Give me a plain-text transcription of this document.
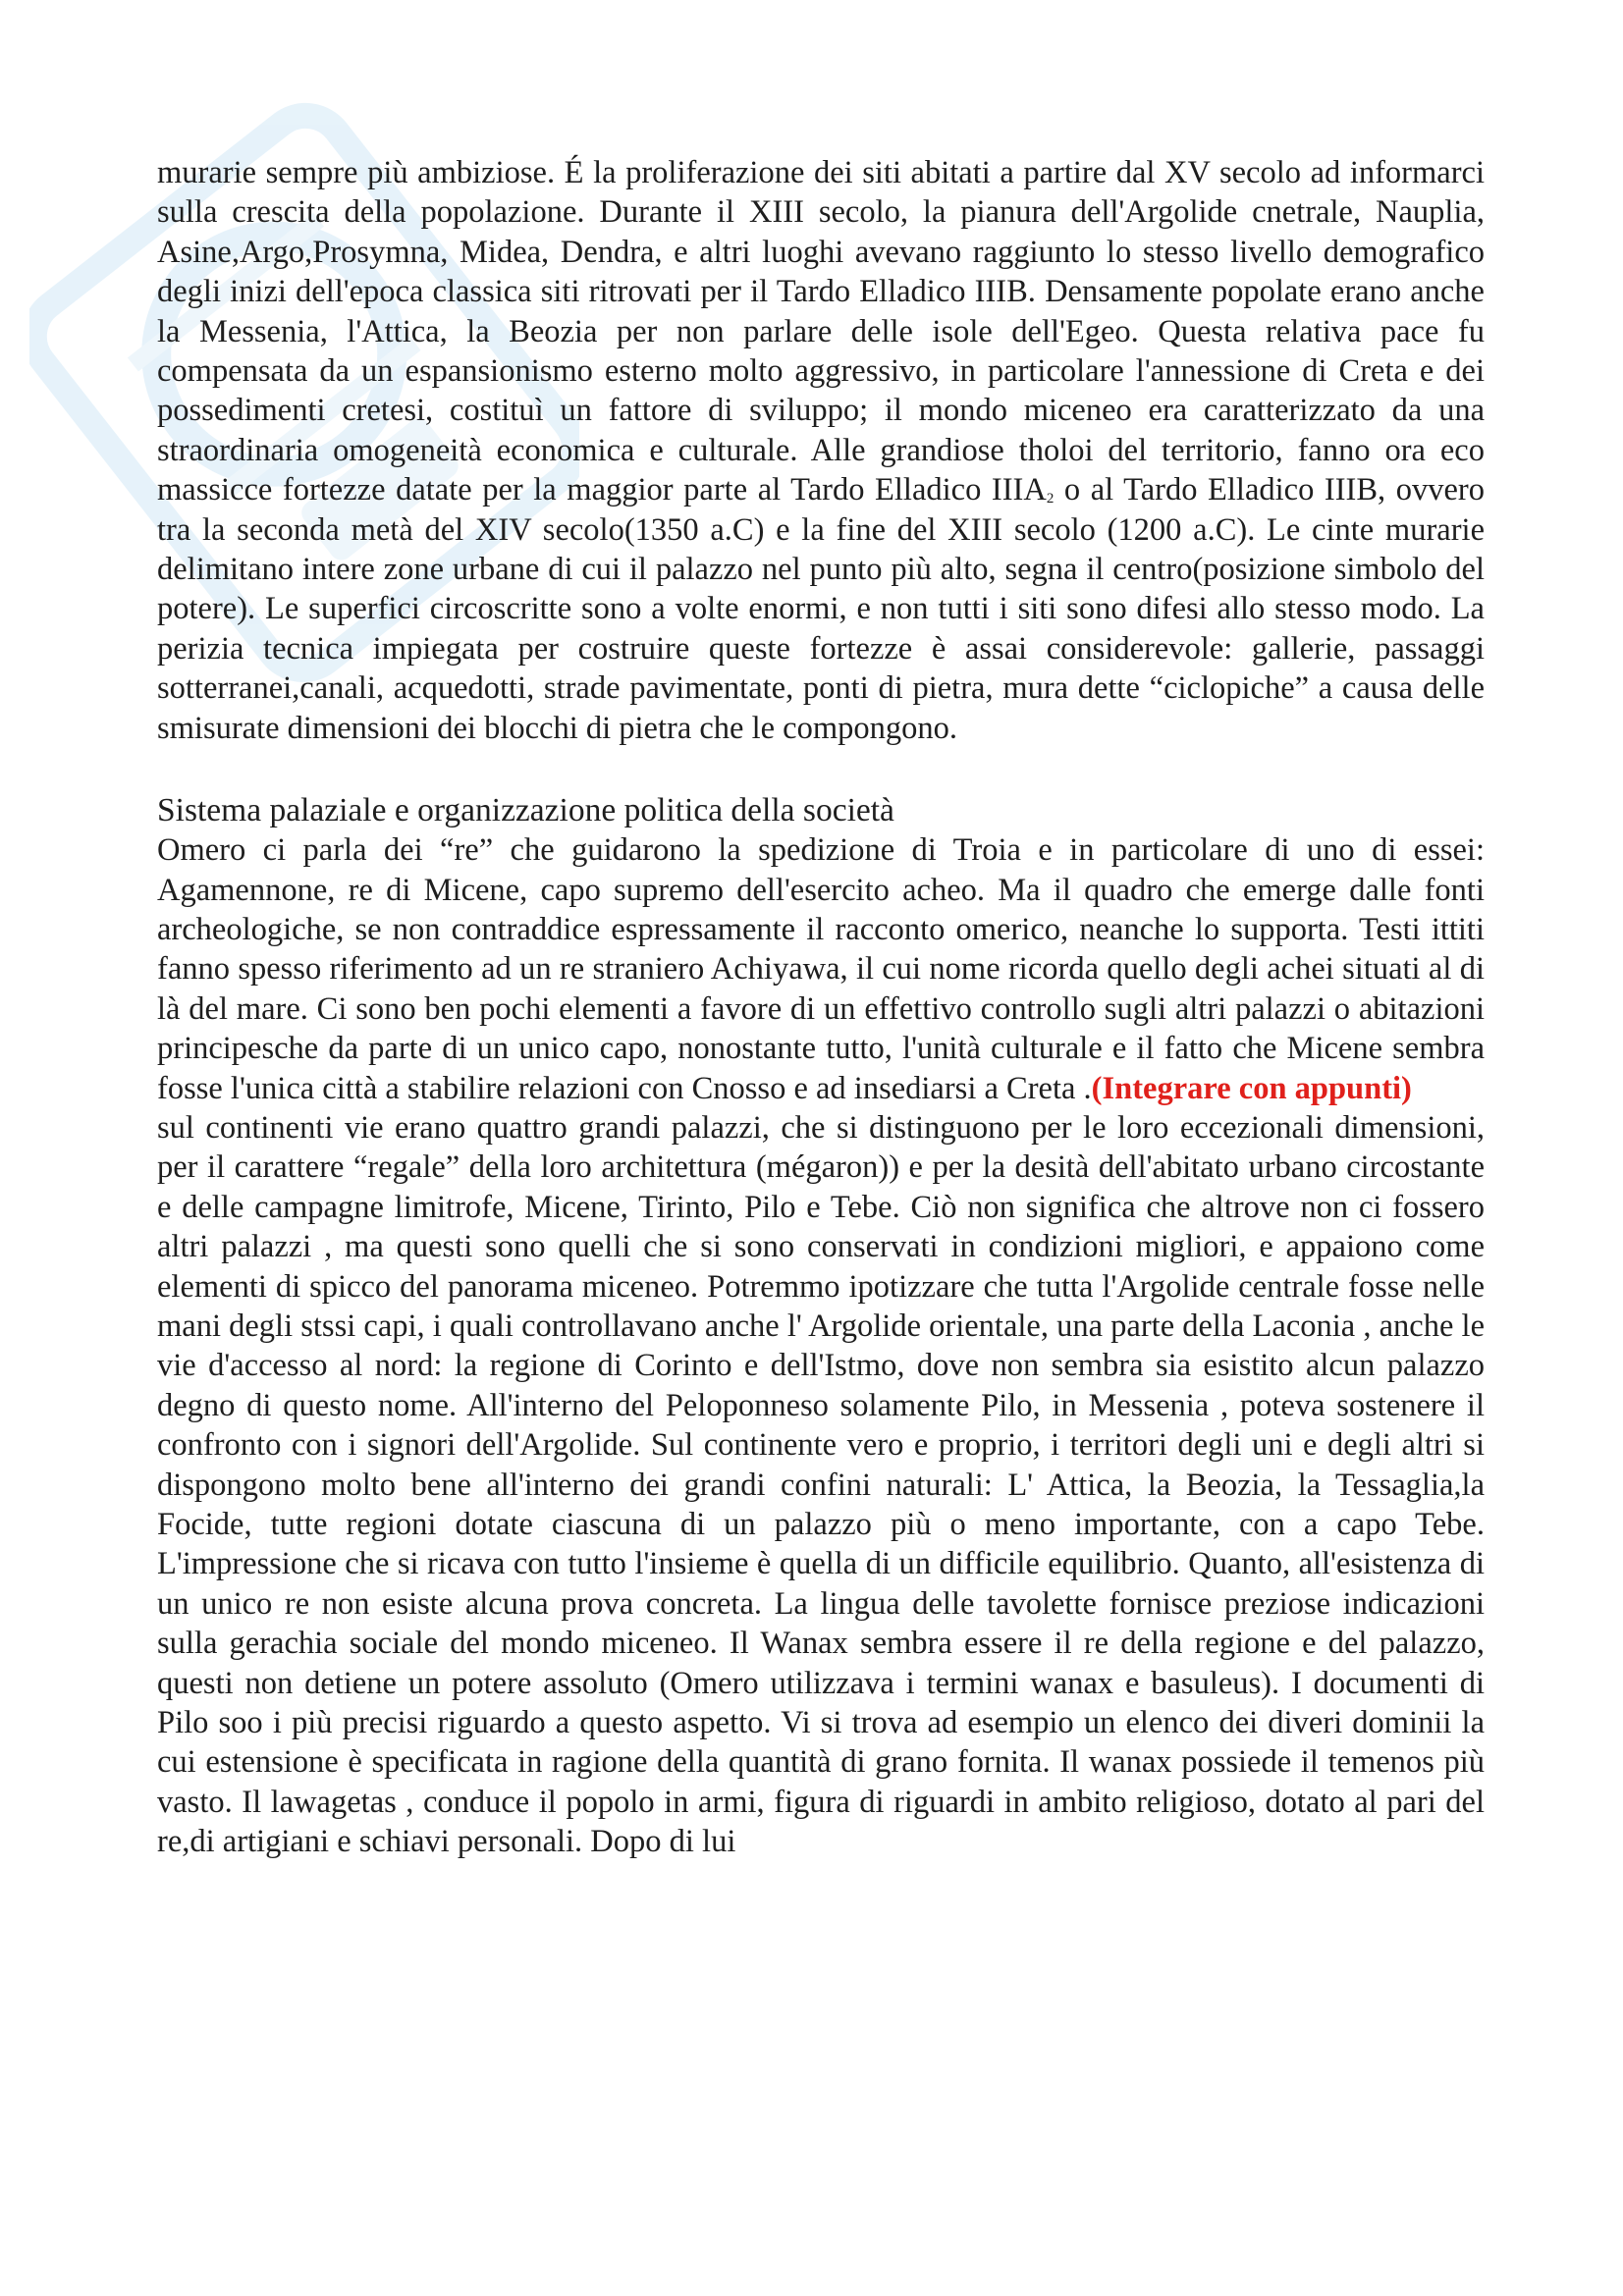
murarie sempre più ambiziose. É la proliferazione dei siti abitati a partire dal XV secolo ad informarci sulla crescita della popolazione. Durante il XIII secolo, la pianura dell'Argolide cnetrale, Nauplia, Asine,Argo,Prosymna, Midea, Dendra, e altri luoghi avevano raggiunto lo stesso livello demografico degli inizi dell'epoca classica siti ritrovati per il Tardo Elladico IIIB. Densamente popolate erano anche la Messenia, l'Attica, la Beozia per non parlare delle isole dell'Egeo. Questa relativa pace fu compensata da un espansionismo esterno molto aggressivo, in particolare l'annessione di Creta e dei possedimenti cretesi, costituì un fattore di sviluppo; il mondo miceneo era caratterizzato da una straordinaria omogeneità economica e culturale. Alle grandiose tholoi del territorio, fanno ora eco massicce fortezze datate per la maggior parte al Tardo Elladico $IIIA_2$ o al Tardo Elladico IIIB, ovvero tra la seconda metà del XIV secolo(1350 a.C) e la fine del XIII secolo (1200 a.C). Le cinte murarie delimitano intere zone urbane di cui il palazzo nel punto più alto, segna il centro(posizione simbolo del potere). Le superfici circoscritte sono a volte enormi, e non tutti i siti sono difesi allo stesso modo. La perizia tecnica impiegata per costruire queste fortezze è assai considerevole: gallerie, passaggi sotterranei,canali, acquedotti, strade pavimentate, ponti di pietra, mura dette “ciclopiche” a causa delle smisurate dimensioni dei blocchi di pietra che le compongono.

Sistema palaziale e organizzazione politica della società

Omero ci parla dei “re” che guidarono la spedizione di Troia e in particolare di uno di essei: Agamennone, re di Micene, capo supremo dell'esercito acheo. Ma il quadro che emerge dalle fonti archeologiche, se non contraddice espressamente il racconto omerico, neanche lo supporta. Testi ittiti fanno spesso riferimento ad un re straniero Achiyawa, il cui nome ricorda quello degli achei situati al di là del mare. Ci sono ben pochi elementi a favore di un effettivo controllo sugli altri palazzi o abitazioni principesche da parte di un unico capo, nonostante tutto, l'unità culturale e il fatto che Micene sembra fosse l'unica città a stabilire relazioni con Cnosso e ad insediarsi a Creta .(Integrare con appunti)

sul continenti vie erano quattro grandi palazzi, che si distinguono per le loro eccezionali dimensioni, per il carattere “regale” della loro architettura (mégaron)) e per la desità dell'abitato urbano circostante e delle campagne limitrofe, Micene, Tirinto, Pilo e Tebe. Ciò non significa che altrove non ci fossero altri palazzi , ma questi sono quelli che si sono conservati in condizioni migliori, e appaiono come elementi di spicco del panorama miceneo. Potremmo ipotizzare che tutta l'Argolide centrale fosse nelle mani degli stssi capi, i quali controllavano anche l' Argolide orientale, una parte della Laconia , anche le vie d'accesso al nord: la regione di Corinto e dell'Istmo, dove non sembra sia esistito alcun palazzo degno di questo nome. All'interno del Peloponneso solamente Pilo, in Messenia , poteva sostenere il confronto con i signori dell'Argolide. Sul continente vero e proprio, i territori degli uni e degli altri si dispongono molto bene all'interno dei grandi confini naturali: L' Attica, la Beozia, la Tessaglia,la Focide, tutte regioni dotate ciascuna di un palazzo più o meno importante, con a capo Tebe. L'impressione che si ricava con tutto l'insieme è quella di un difficile equilibrio. Quanto, all'esistenza di un unico re non esiste alcuna prova concreta. La lingua delle tavolette fornisce preziose indicazioni sulla gerachia sociale del mondo miceneo. Il Wanax sembra essere il re della regione e del palazzo, questi non detiene un potere assoluto (Omero utilizzava i termini wanax e basuleus). I documenti di Pilo soo i più precisi riguardo a questo aspetto. Vi si trova ad esempio un elenco dei diveri dominii la cui estensione è specificata in ragione della quantità di grano fornita. Il wanax possiede il temenos più vasto. Il lawagetas , conduce il popolo in armi, figura di riguardi in ambito religioso, dotato al pari del re,di artigiani e schiavi personali. Dopo di lui
